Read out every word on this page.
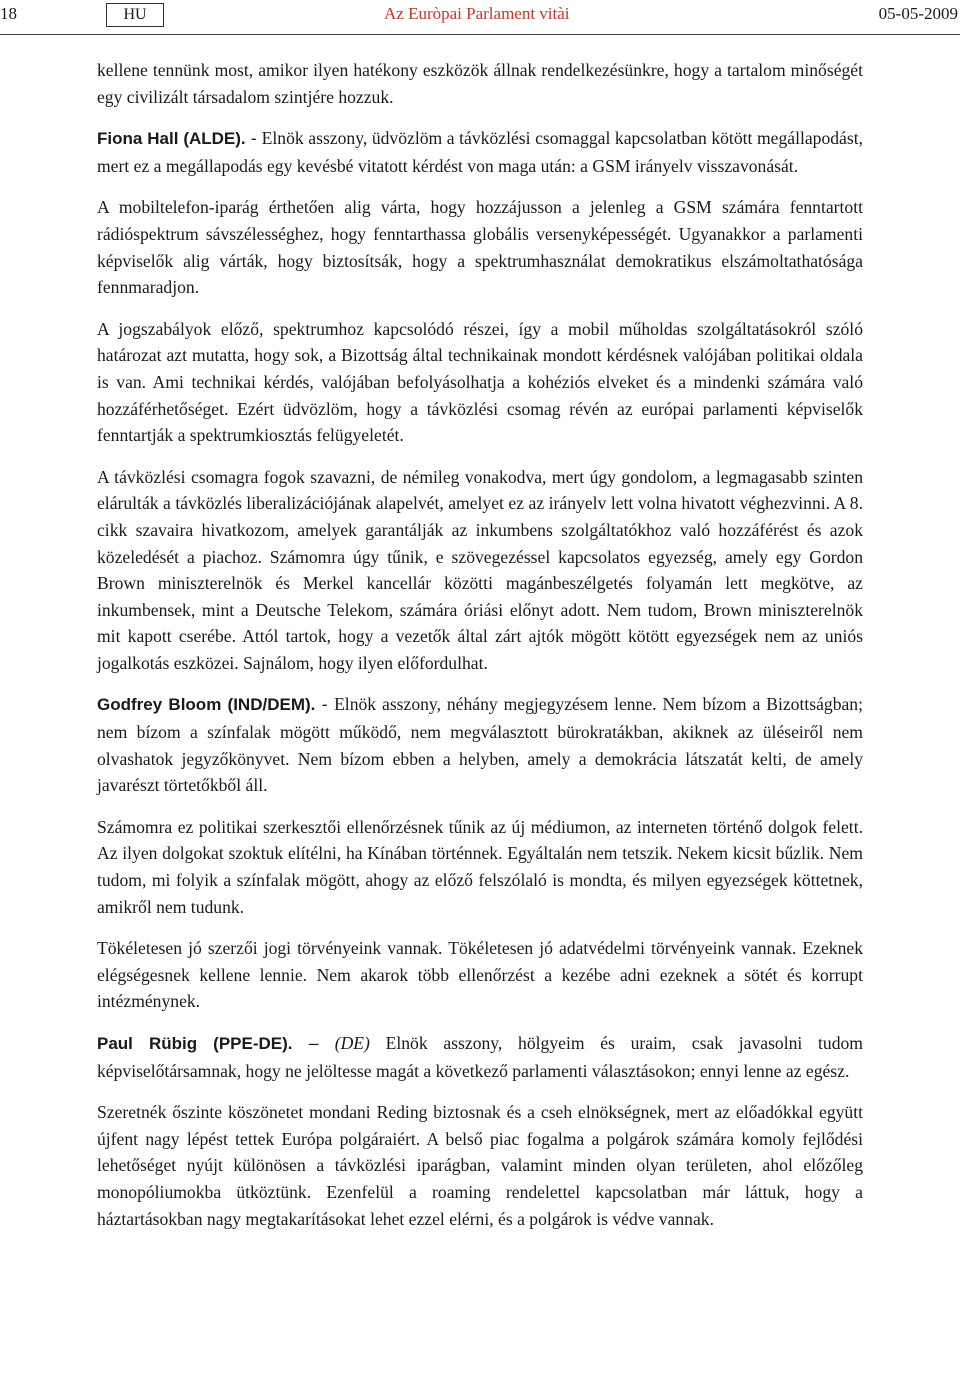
18	HU	Az Euròpai Parlament vitài	05-05-2009

kellene tennünk most, amikor ilyen hatékony eszközök állnak rendelkezésünkre, hogy a tartalom minőségét egy civilizált társadalom szintjére hozzuk.

Fiona Hall (ALDE). - Elnök asszony, üdvözlöm a távközlési csomaggal kapcsolatban kötött megállapodást, mert ez a megállapodás egy kevésbé vitatott kérdést von maga után: a GSM irányelv visszavonását.

A mobiltelefon-iparág érthetően alig várta, hogy hozzájusson a jelenleg a GSM számára fenntartott rádióspektrum sávszélességhez, hogy fenntarthassa globális versenyképességét. Ugyanakkor a parlamenti képviselők alig várták, hogy biztosítsák, hogy a spektrumhasználat demokratikus elszámoltathatósága fennmaradjon.

A jogszabályok előző, spektrumhoz kapcsolódó részei, így a mobil műholdas szolgáltatásokról szóló határozat azt mutatta, hogy sok, a Bizottság által technikainak mondott kérdésnek valójában politikai oldala is van. Ami technikai kérdés, valójában befolyásolhatja a kohéziós elveket és a mindenki számára való hozzáférhetőséget. Ezért üdvözlöm, hogy a távközlési csomag révén az európai parlamenti képviselők fenntartják a spektrumkiosztás felügyeletét.

A távközlési csomagra fogok szavazni, de némileg vonakodva, mert úgy gondolom, a legmagasabb szinten elárulták a távközlés liberalizációjának alapelvét, amelyet ez az irányelv lett volna hivatott véghezvinni. A 8. cikk szavaira hivatkozom, amelyek garantálják az inkumbens szolgáltatókhoz való hozzáférést és azok közeledését a piachoz. Számomra úgy tűnik, e szövegezéssel kapcsolatos egyezség, amely egy Gordon Brown miniszterelnök és Merkel kancellár közötti magánbeszélgetés folyamán lett megkötve, az inkumbensek, mint a Deutsche Telekom, számára óriási előnyt adott. Nem tudom, Brown miniszterelnök mit kapott cserébe. Attól tartok, hogy a vezetők által zárt ajtók mögött kötött egyezségek nem az uniós jogalkotás eszközei. Sajnálom, hogy ilyen előfordulhat.

Godfrey Bloom (IND/DEM). - Elnök asszony, néhány megjegyzésem lenne. Nem bízom a Bizottságban; nem bízom a színfalak mögött működő, nem megválasztott bürokratákban, akiknek az üléseiről nem olvashatok jegyzőkönyvet. Nem bízom ebben a helyben, amely a demokrácia látszatát kelti, de amely javarészt törtetőkből áll.

Számomra ez politikai szerkesztői ellenőrzésnek tűnik az új médiumon, az interneten történő dolgok felett. Az ilyen dolgokat szoktuk elítélni, ha Kínában történnek. Egyáltalán nem tetszik. Nekem kicsit bűzlik. Nem tudom, mi folyik a színfalak mögött, ahogy az előző felszólaló is mondta, és milyen egyezségek köttetnek, amikről nem tudunk.

Tökéletesen jó szerzői jogi törvényeink vannak. Tökéletesen jó adatvédelmi törvényeink vannak. Ezeknek elégségesnek kellene lennie. Nem akarok több ellenőrzést a kezébe adni ezeknek a sötét és korrupt intézménynek.

Paul Rübig (PPE-DE). – (DE) Elnök asszony, hölgyeim és uraim, csak javasolni tudom képviselőtársamnak, hogy ne jelöltesse magát a következő parlamenti választásokon; ennyi lenne az egész.

Szeretnék őszinte köszönetet mondani Reding biztosnak és a cseh elnökségnek, mert az előadókkal együtt újfent nagy lépést tettek Európa polgáraiért. A belső piac fogalma a polgárok számára komoly fejlődési lehetőséget nyújt különösen a távközlési iparágban, valamint minden olyan területen, ahol előzőleg monopóliumokba ütköztünk. Ezenfelül a roaming rendelettel kapcsolatban már láttuk, hogy a háztartásokban nagy megtakarításokat lehet ezzel elérni, és a polgárok is védve vannak.
